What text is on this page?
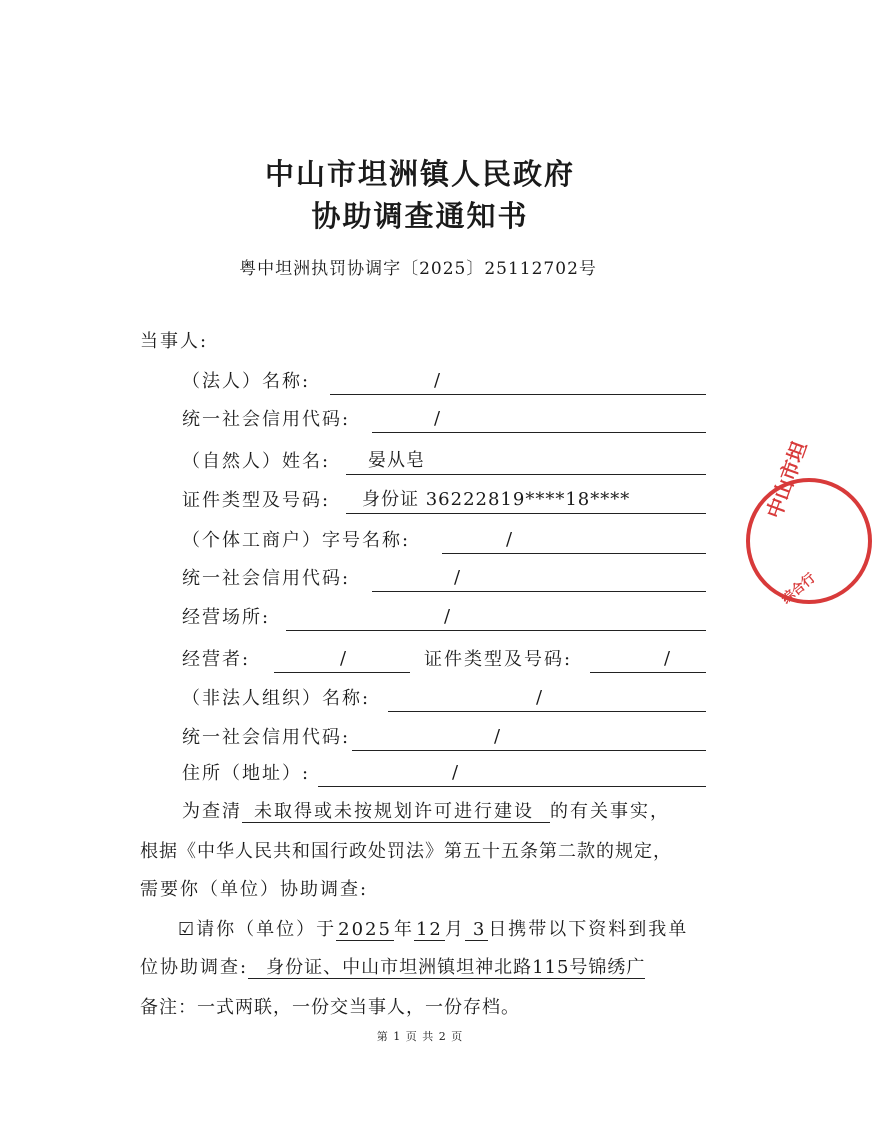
中山市坦洲镇人民政府
协助调查通知书
粤中坦洲执罚协调字〔2025〕25112702号
当事人:
（法人）名称:	/
统一社会信用代码:	/
（自然人）姓名: 晏从皂
证件类型及号码: 身份证 36222819****18****
（个体工商户）字号名称:	/
统一社会信用代码:	/
经营场所:	/
经营者:	/	证件类型及号码:	/
（非法人组织）名称:	/
统一社会信用代码:	/
住所（地址）:	/
为查清 未取得或未按规划许可进行建设 的有关事实，
根据《中华人民共和国行政处罚法》第五十五条第二款的规定，
需要你（单位）协助调查:
☑请你（单位）于 2025 年 12 月 3 日携带以下资料到我单
位协助调查: 身份证、中山市坦洲镇坦神北路115号锦绣广
备注：一式两联，一份交当事人，一份存档。
第 1 页 共 2 页
中山市坦
综合行
